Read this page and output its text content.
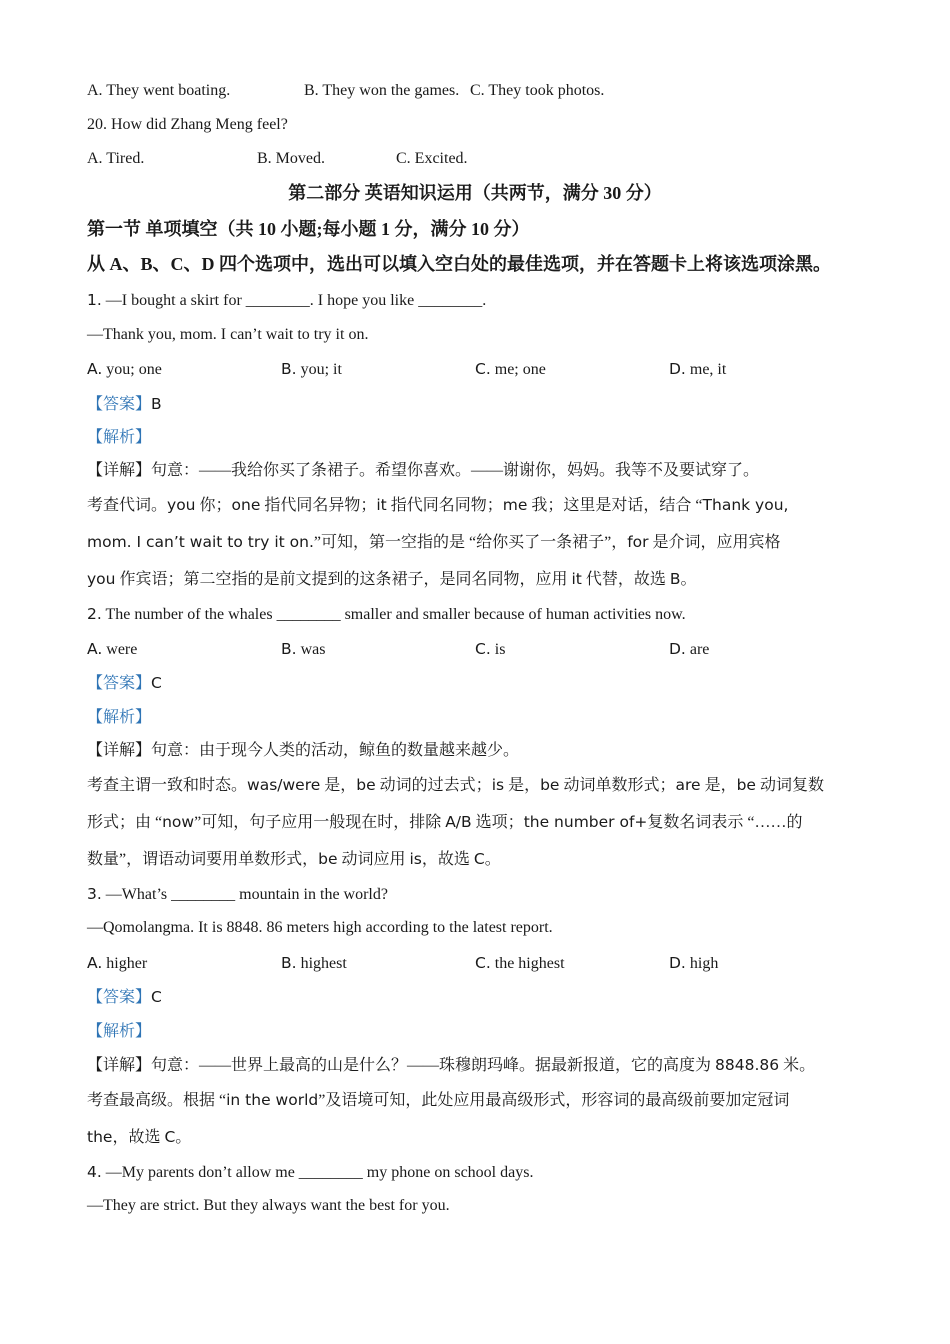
A. They went boating.	B. They won the games. C. They took photos.
20. How did Zhang Meng feel?
A. Tired.	B. Moved.	C. Excited.
第二部分 英语知识运用（共两节，满分 30 分）
第一节 单项填空（共 10 小题;每小题 1 分，满分 10 分）
从 A、B、C、D 四个选项中，选出可以填入空白处的最佳选项，并在答题卡上将该选项涂黑。
1. —I bought a skirt for ________. I hope you like ________.
—Thank you, mom. I can’t wait to try it on.
A. you; one	B. you; it	C. me; one	D. me, it
【答案】B
【解析】
【详解】句意：——我给你买了条裙子。希望你喜欢。——谢谢你，妈妈。我等不及要试穿了。
考查代词。you 你；one 指代同名异物；it 指代同名同物；me 我；这里是对话，结合 “Thank you,
mom. I can’t wait to try it on.”可知，第一空指的是 “给你买了一条裙子”，for 是介词，应用宾格
you 作宾语；第二空指的是前文提到的这条裙子，是同名同物，应用 it 代替，故选 B。
2. The number of the whales ________ smaller and smaller because of human activities now.
A. were	B. was	C. is	D. are
【答案】C
【解析】
【详解】句意：由于现今人类的活动，鲸鱼的数量越来越少。
考查主谓一致和时态。was/were 是，be 动词的过去式；is 是，be 动词单数形式；are 是，be 动词复数
形式；由 “now”可知，句子应用一般现在时，排除 A/B 选项；the number of+复数名词表示 “……的
数量”，谓语动词要用单数形式，be 动词应用 is，故选 C。
3. —What’s ________ mountain in the world?
—Qomolangma. It is 8848. 86 meters high according to the latest report.
A. higher	B. highest	C. the highest	D. high
【答案】C
【解析】
【详解】句意：——世界上最高的山是什么？——珠穆朗玛峰。据最新报道，它的高度为 8848.86 米。
考查最高级。根据 “in the world”及语境可知，此处应用最高级形式，形容词的最高级前要加定冠词
the，故选 C。
4. —My parents don’t allow me ________ my phone on school days.
—They are strict. But they always want the best for you.
